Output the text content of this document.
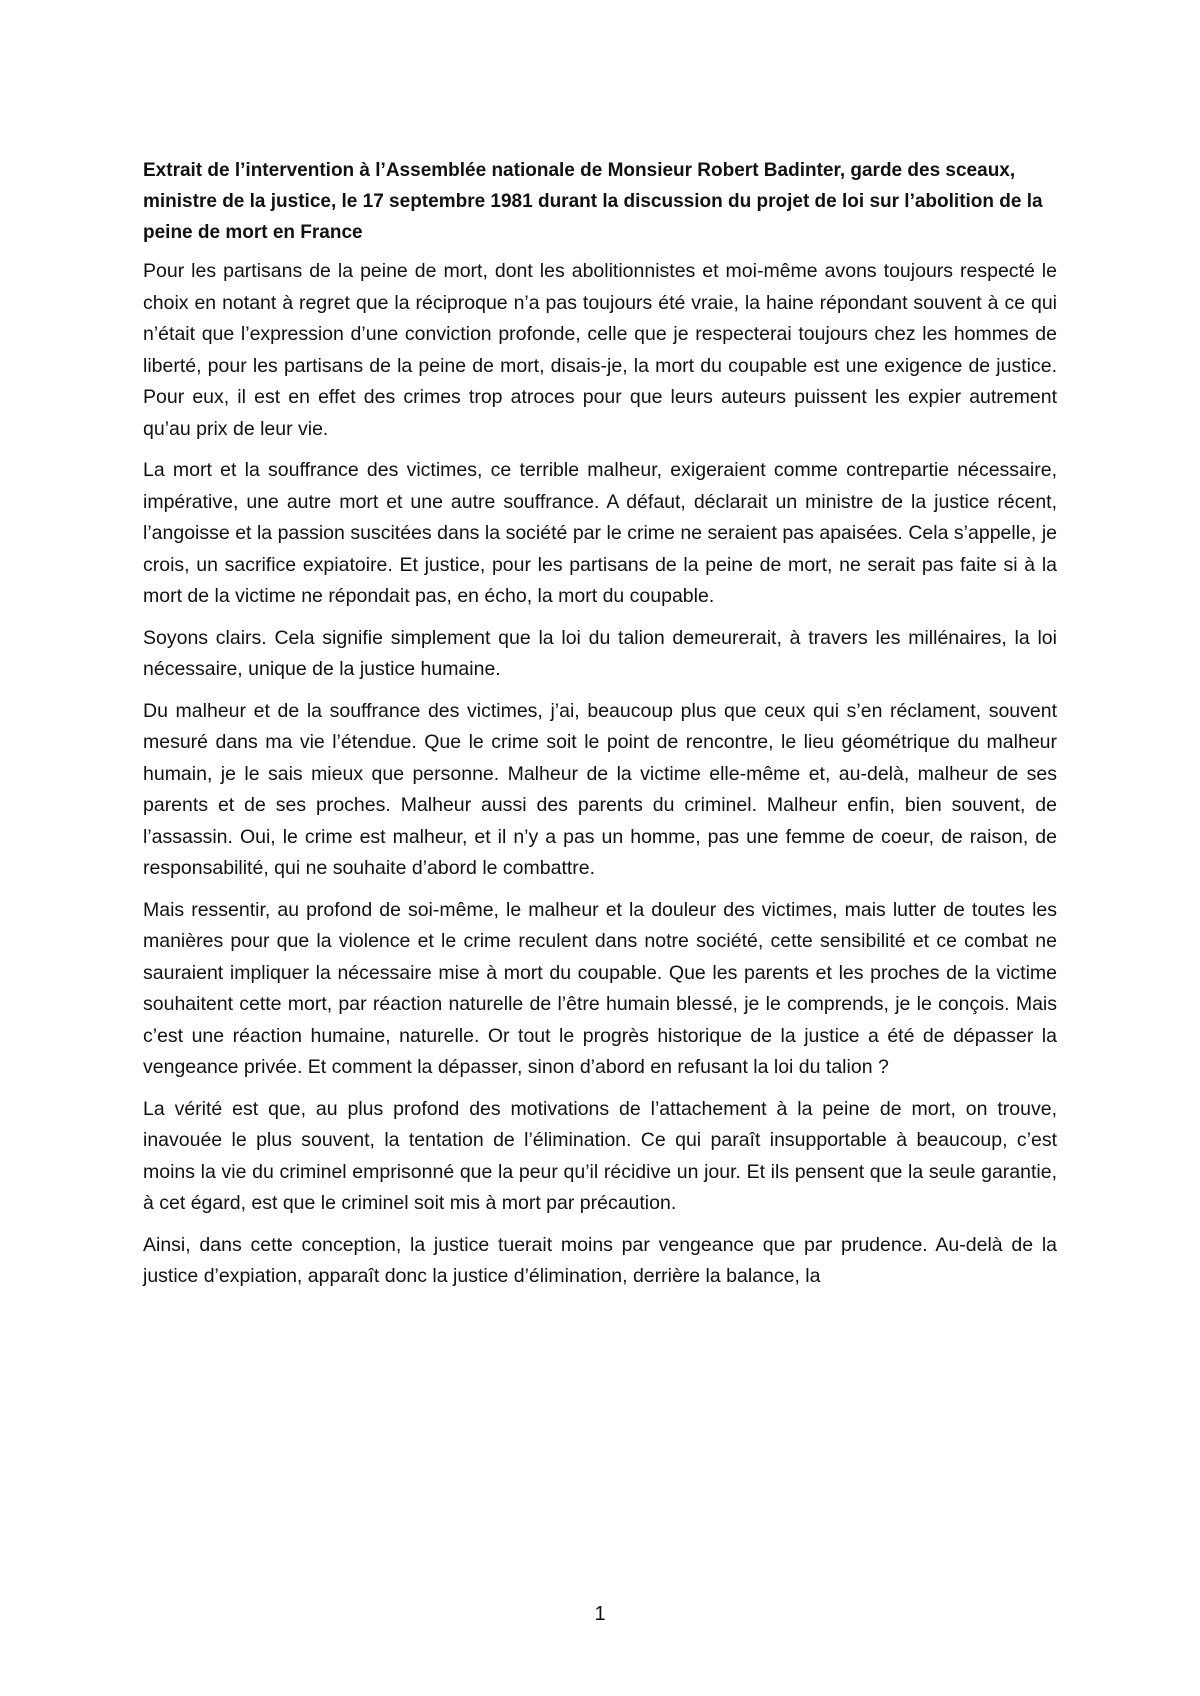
Extrait de l’intervention à l’Assemblée nationale de Monsieur Robert Badinter, garde des sceaux, ministre de la justice, le 17 septembre 1981 durant la discussion du projet de loi sur l’abolition de la peine de mort en France

Pour les partisans de la peine de mort, dont les abolitionnistes et moi-même avons toujours respecté le choix en notant à regret que la réciproque n’a pas toujours été vraie, la haine répondant souvent à ce qui n’était que l’expression d’une conviction profonde, celle que je respecterai toujours chez les hommes de liberté, pour les partisans de la peine de mort, disais-je, la mort du coupable est une exigence de justice. Pour eux, il est en effet des crimes trop atroces pour que leurs auteurs puissent les expier autrement qu’au prix de leur vie.

La mort et la souffrance des victimes, ce terrible malheur, exigeraient comme contrepartie nécessaire, impérative, une autre mort et une autre souffrance. A défaut, déclarait un ministre de la justice récent, l’angoisse et la passion suscitées dans la société par le crime ne seraient pas apaisées. Cela s’appelle, je crois, un sacrifice expiatoire. Et justice, pour les partisans de la peine de mort, ne serait pas faite si à la mort de la victime ne répondait pas, en écho, la mort du coupable.

Soyons clairs. Cela signifie simplement que la loi du talion demeurerait, à travers les millénaires, la loi nécessaire, unique de la justice humaine.

Du malheur et de la souffrance des victimes, j’ai, beaucoup plus que ceux qui s’en réclament, souvent mesuré dans ma vie l’étendue. Que le crime soit le point de rencontre, le lieu géométrique du malheur humain, je le sais mieux que personne. Malheur de la victime elle-même et, au-delà, malheur de ses parents et de ses proches. Malheur aussi des parents du criminel. Malheur enfin, bien souvent, de l’assassin. Oui, le crime est malheur, et il n’y a pas un homme, pas une femme de coeur, de raison, de responsabilité, qui ne souhaite d’abord le combattre.

Mais ressentir, au profond de soi-même, le malheur et la douleur des victimes, mais lutter de toutes les manières pour que la violence et le crime reculent dans notre société, cette sensibilité et ce combat ne sauraient impliquer la nécessaire mise à mort du coupable. Que les parents et les proches de la victime souhaitent cette mort, par réaction naturelle de l’être humain blessé, je le comprends, je le conçois. Mais c’est une réaction humaine, naturelle. Or tout le progrès historique de la justice a été de dépasser la vengeance privée. Et comment la dépasser, sinon d’abord en refusant la loi du talion ?

La vérité est que, au plus profond des motivations de l’attachement à la peine de mort, on trouve, inavouée le plus souvent, la tentation de l’élimination. Ce qui paraît insupportable à beaucoup, c’est moins la vie du criminel emprisonné que la peur qu’il récidive un jour. Et ils pensent que la seule garantie, à cet égard, est que le criminel soit mis à mort par précaution.

Ainsi, dans cette conception, la justice tuerait moins par vengeance que par prudence. Au-delà de la justice d’expiation, apparaît donc la justice d’élimination, derrière la balance, la

1
